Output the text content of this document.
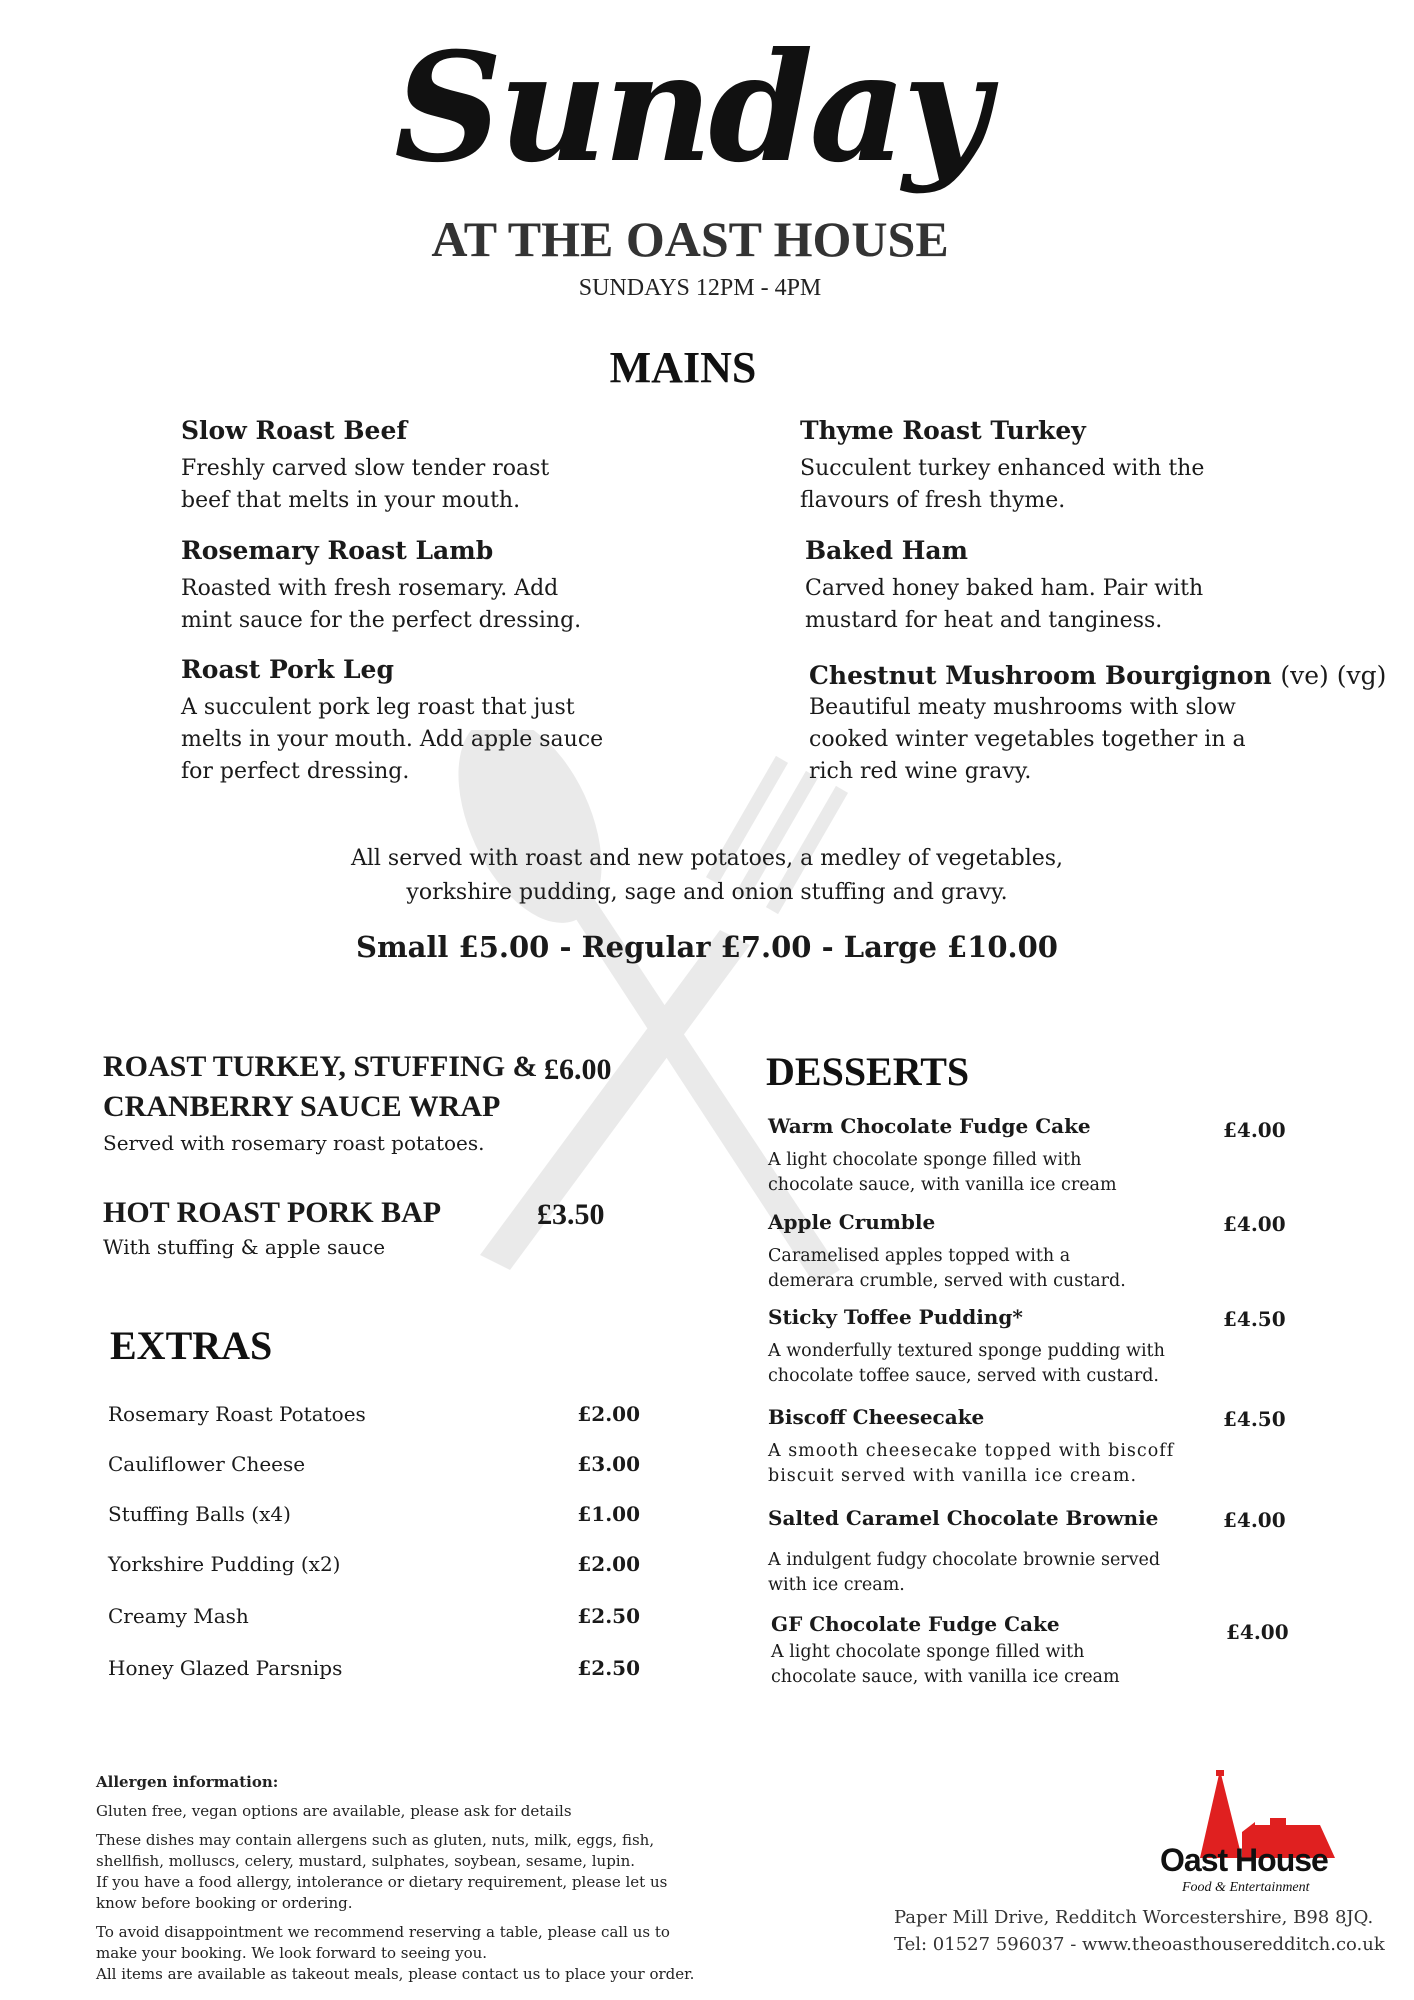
Sunday
AT THE OAST HOUSE
SUNDAYS 12PM - 4PM
MAINS
Slow Roast Beef
Freshly carved slow tender roast
beef that melts in your mouth.
Thyme Roast Turkey
Succulent turkey enhanced with the
flavours of fresh thyme.
Rosemary Roast Lamb
Roasted with fresh rosemary. Add
mint sauce for the perfect dressing.
Baked Ham
Carved honey baked ham. Pair with
mustard for heat and tanginess.
Roast Pork Leg
A succulent pork leg roast that just
melts in your mouth. Add apple sauce
for perfect dressing.
Chestnut Mushroom Bourgignon (ve) (vg)
Beautiful meaty mushrooms with slow
cooked winter vegetables together in a
rich red wine gravy.
All served with roast and new potatoes, a medley of vegetables,
yorkshire pudding, sage and onion stuffing and gravy.
Small £5.00 - Regular £7.00 - Large £10.00
ROAST TURKEY, STUFFING &
CRANBERRY SAUCE WRAP
Served with rosemary roast potatoes.
£6.00
HOT ROAST PORK BAP
With stuffing & apple sauce
£3.50
EXTRAS
Rosemary Roast Potatoes	£2.00
Cauliflower Cheese	£3.00
Stuffing Balls (x4)	£1.00
Yorkshire Pudding (x2)	£2.00
Creamy Mash	£2.50
Honey Glazed Parsnips	£2.50
DESSERTS
Warm Chocolate Fudge Cake
A light chocolate sponge filled with
chocolate sauce, with vanilla ice cream
£4.00
Apple Crumble
Caramelised apples topped with a
demerara crumble, served with custard.
£4.00
Sticky Toffee Pudding*
A wonderfully textured sponge pudding with
chocolate toffee sauce, served with custard.
£4.50
Biscoff Cheesecake
A smooth cheesecake topped with biscoff
biscuit served with vanilla ice cream.
£4.50
Salted Caramel Chocolate Brownie
A indulgent fudgy chocolate brownie served
with ice cream.
£4.00
GF Chocolate Fudge Cake
A light chocolate sponge filled with
chocolate sauce, with vanilla ice cream
£4.00
Allergen information:

Gluten free, vegan options are available, please ask for details

These dishes may contain allergens such as gluten, nuts, milk, eggs, fish,
shellfish, molluscs, celery, mustard, sulphates, soybean, sesame, lupin.
If you have a food allergy, intolerance or dietary requirement, please let us
know before booking or ordering.

To avoid disappointment we recommend reserving a table, please call us to
make your booking. We look forward to seeing you.
All items are available as takeout meals, please contact us to place your order.

Oast House
Food & Entertainment
Paper Mill Drive, Redditch Worcestershire, B98 8JQ.
Tel: 01527 596037 - www.theoasthouseredditch.co.uk
